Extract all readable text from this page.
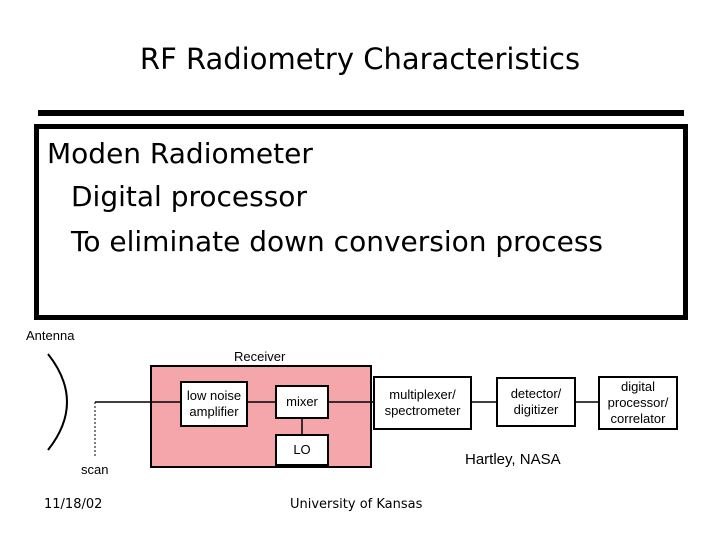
RF Radiometry Characteristics
Moden Radiometer
Digital processor
To eliminate down conversion process
Antenna
Receiver
low noise
amplifier
mixer
LO
multiplexer/
spectrometer
detector/
digitizer
digital
processor/
correlator
scan
Hartley, NASA
11/18/02	University of Kansas
